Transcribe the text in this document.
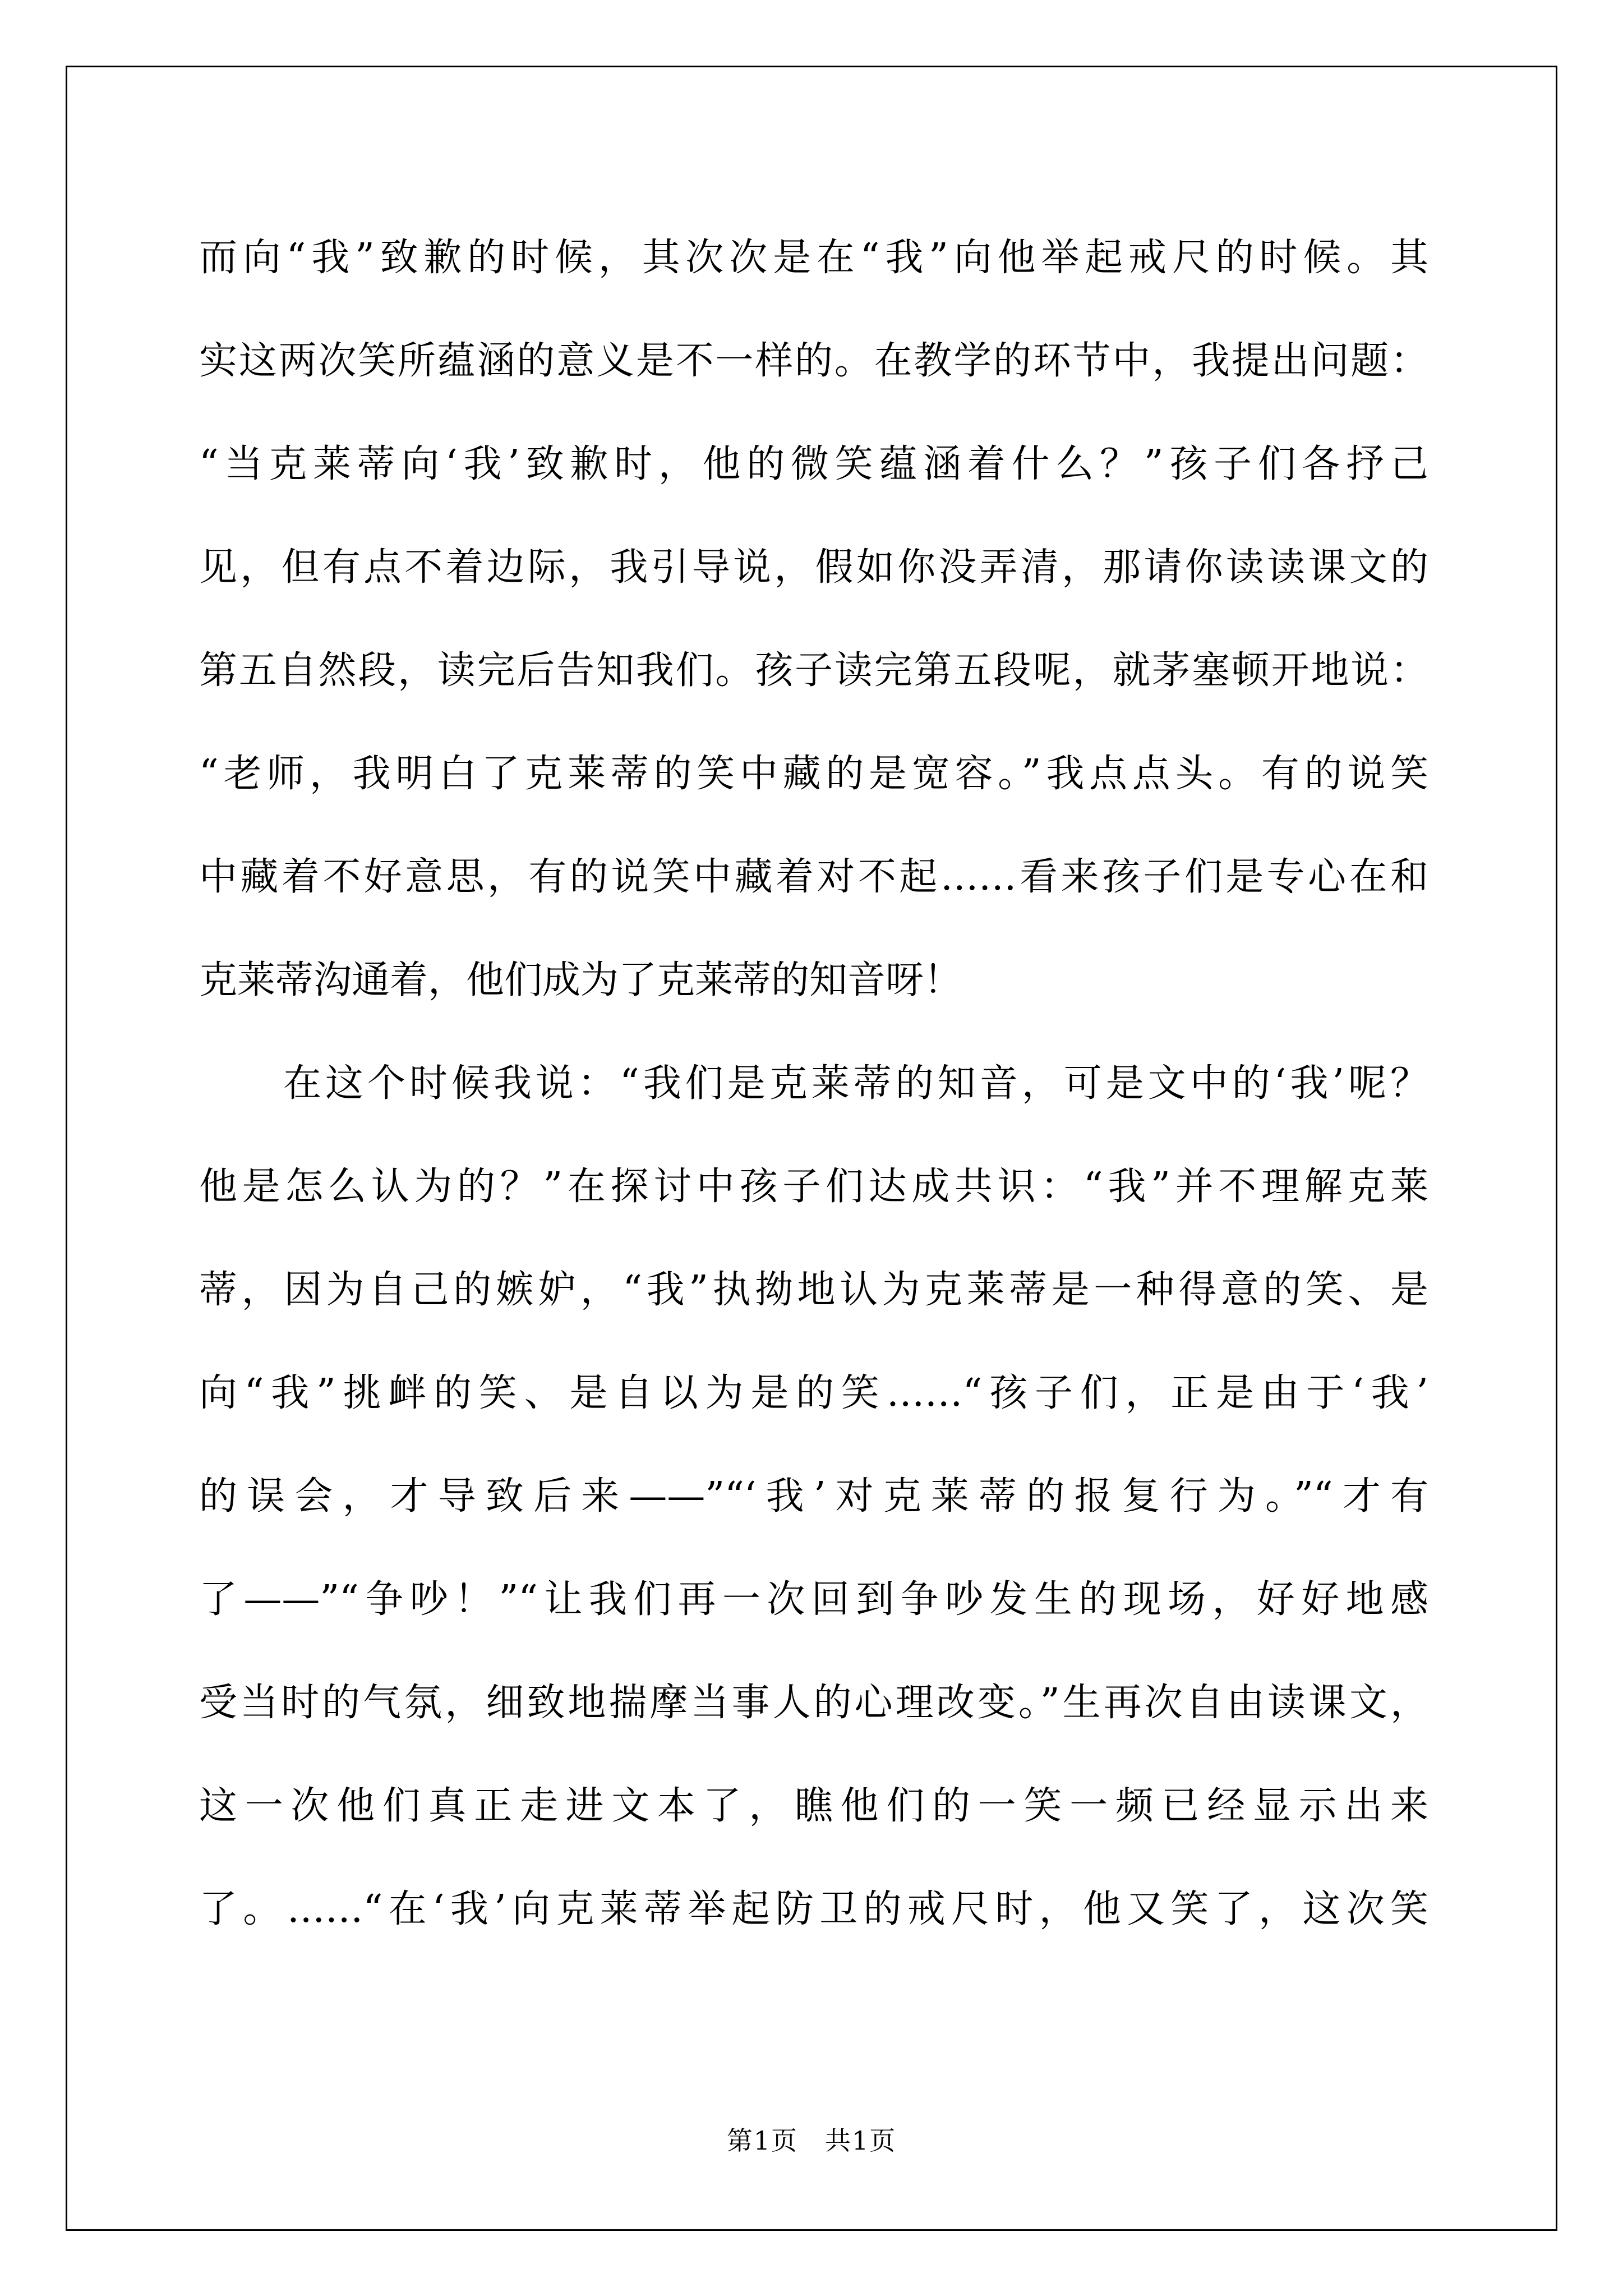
而向“我”致歉的时候，其次次是在“我”向他举起戒尺的时候。其
实这两次笑所蕴涵的意义是不一样的。在教学的环节中，我提出问题：
“当克莱蒂向‘我’致歉时，他的微笑蕴涵着什么？”孩子们各抒己
见，但有点不着边际，我引导说，假如你没弄清，那请你读读课文的
第五自然段，读完后告知我们。孩子读完第五段呢，就茅塞顿开地说：
“老师，我明白了克莱蒂的笑中藏的是宽容。”我点点头。有的说笑
中藏着不好意思，有的说笑中藏着对不起……看来孩子们是专心在和
克莱蒂沟通着，他们成为了克莱蒂的知音呀！
　　在这个时候我说：“我们是克莱蒂的知音，可是文中的‘我’呢？
他是怎么认为的？”在探讨中孩子们达成共识：“我”并不理解克莱
蒂，因为自己的嫉妒，“我”执拗地认为克莱蒂是一种得意的笑、是
向“我”挑衅的笑、是自以为是的笑……“孩子们，正是由于‘我’
的误会，才导致后来——”“‘我’对克莱蒂的报复行为。”“才有
了——”“争吵！”“让我们再一次回到争吵发生的现场，好好地感
受当时的气氛，细致地揣摩当事人的心理改变。”生再次自由读课文，
这一次他们真正走进文本了，瞧他们的一笑一频已经显示出来
了。……“在‘我’向克莱蒂举起防卫的戒尺时，他又笑了，这次笑
第1页　共1页
